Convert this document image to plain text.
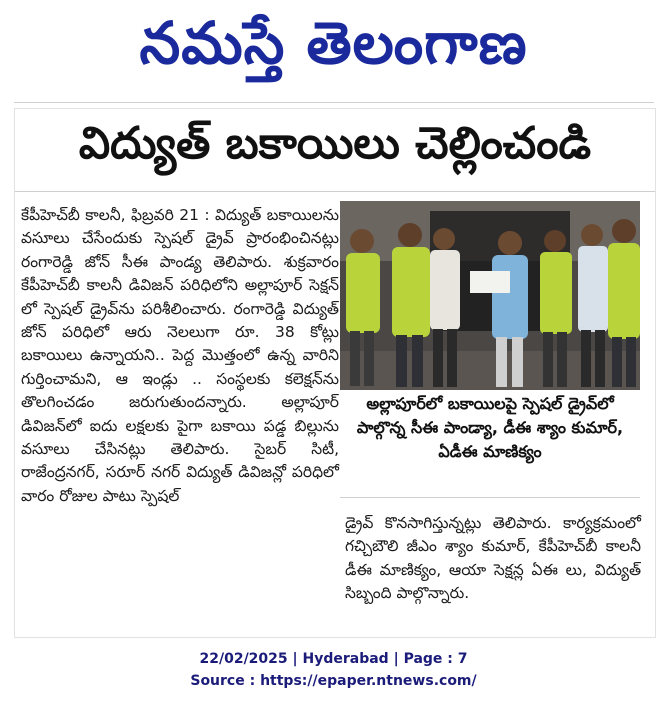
నమస్తే తెలంగాణ
విద్యుత్ బకాయిలు చెల్లించండి
కేపీహెచ్‌బీ కాలనీ, ఫిబ్రవరి 21 : విద్యుత్ బకాయిలను వసూలు చేసేందుకు స్పెషల్ డ్రైవ్ ప్రారంభించినట్లు రంగారెడ్డి జోన్ సీఈ పాండ్య తెలిపారు. శుక్రవారం కేపీహెచ్‌బీ కాలనీ డివిజన్ పరిధిలోని అల్లాపూర్ సెక్షన్ లో స్పెషల్ డ్రైవ్‌ను పరిశీలించారు. రంగారెడ్డి విద్యుత్ జోన్ పరిధిలో ఆరు నెలలుగా రూ. 38 కోట్లు బకాయిలు ఉన్నాయని.. పెద్ద మొత్తంలో ఉన్న వారిని గుర్తించామని, ఆ ఇండ్లు .. సంస్థలకు కలెక్షన్‌ను తొలగించడం జరుగుతుందన్నారు. అల్లాపూర్ డివిజన్‌లో ఐదు లక్షలకు పైగా బకాయి పడ్డ బిల్లును వసూలు చేసినట్లు తెలిపారు. సైబర్ సిటీ, రాజేంద్రనగర్, సరూర్ నగర్ విద్యుత్ డివిజన్లో పరిధిలో వారం రోజుల పాటు స్పెషల్
అల్లాపూర్‌లో బకాయిలపై స్పెషల్ డ్రైవ్‌లో పాల్గొన్న సీఈ పాండ్యా, డీఈ శ్యాం కుమార్, ఏడీఈ మాణిక్యం
డ్రైవ్ కొనసాగిస్తున్నట్లు తెలిపారు. కార్యక్రమంలో గచ్చిబౌలి జీఎం శ్యాం కుమార్, కేపీహెచ్‌బీ కాలనీ డీఈ మాణిక్యం, ఆయా సెక్షన్ల ఏఈ లు, విద్యుత్ సిబ్బంది పాల్గొన్నారు.
22/02/2025 | Hyderabad | Page : 7
Source : https://epaper.ntnews.com/
